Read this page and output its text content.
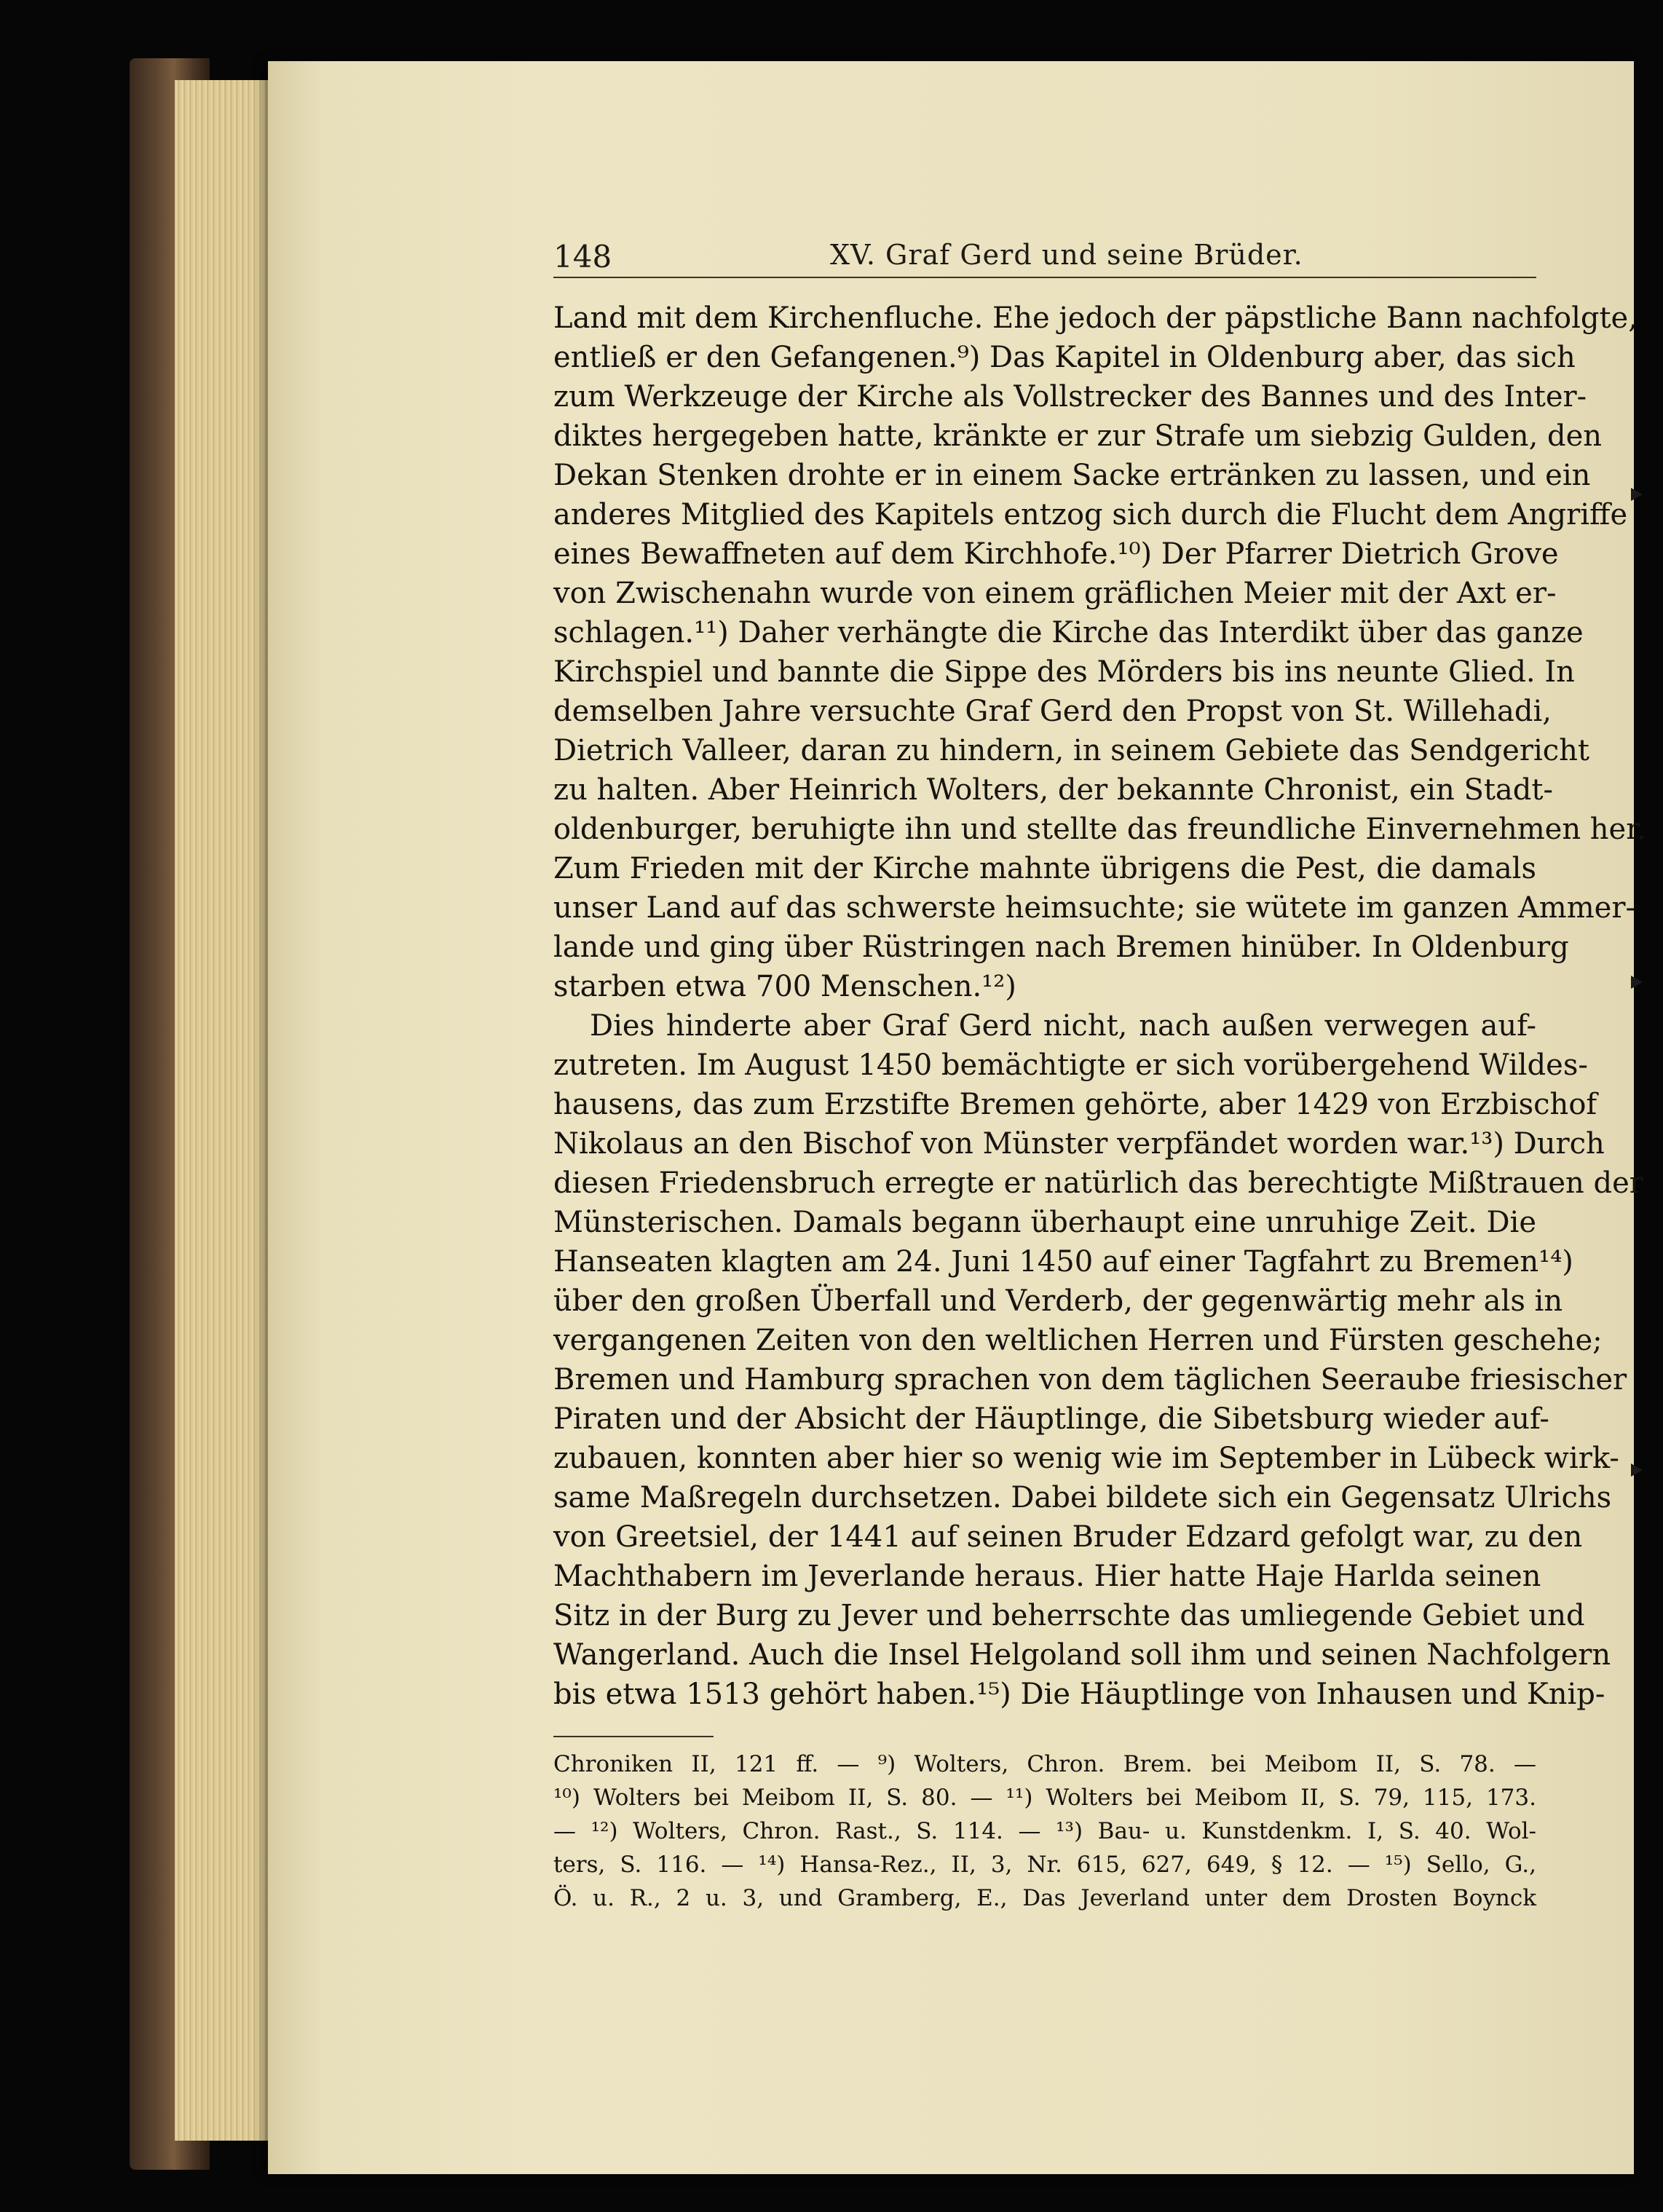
148	XV. Graf Gerd und seine Brüder.
Land mit dem Kirchenfluche. Ehe jedoch der päpstliche Bann nachfolgte,
entließ er den Gefangenen.⁹) Das Kapitel in Oldenburg aber, das sich
zum Werkzeuge der Kirche als Vollstrecker des Bannes und des Inter-
diktes hergegeben hatte, kränkte er zur Strafe um siebzig Gulden, den
Dekan Stenken drohte er in einem Sacke ertränken zu lassen, und ein
anderes Mitglied des Kapitels entzog sich durch die Flucht dem Angriffe
eines Bewaffneten auf dem Kirchhofe.¹⁰) Der Pfarrer Dietrich Grove
von Zwischenahn wurde von einem gräflichen Meier mit der Axt er-
schlagen.¹¹) Daher verhängte die Kirche das Interdikt über das ganze
Kirchspiel und bannte die Sippe des Mörders bis ins neunte Glied. In
demselben Jahre versuchte Graf Gerd den Propst von St. Willehadi,
Dietrich Valleer, daran zu hindern, in seinem Gebiete das Sendgericht
zu halten. Aber Heinrich Wolters, der bekannte Chronist, ein Stadt-
oldenburger, beruhigte ihn und stellte das freundliche Einvernehmen her.
Zum Frieden mit der Kirche mahnte übrigens die Pest, die damals
unser Land auf das schwerste heimsuchte; sie wütete im ganzen Ammer-
lande und ging über Rüstringen nach Bremen hinüber. In Oldenburg
starben etwa 700 Menschen.¹²)
Dies hinderte aber Graf Gerd nicht, nach außen verwegen auf-
zutreten. Im August 1450 bemächtigte er sich vorübergehend Wildes-
hausens, das zum Erzstifte Bremen gehörte, aber 1429 von Erzbischof
Nikolaus an den Bischof von Münster verpfändet worden war.¹³) Durch
diesen Friedensbruch erregte er natürlich das berechtigte Mißtrauen der
Münsterischen. Damals begann überhaupt eine unruhige Zeit. Die
Hanseaten klagten am 24. Juni 1450 auf einer Tagfahrt zu Bremen¹⁴)
über den großen Überfall und Verderb, der gegenwärtig mehr als in
vergangenen Zeiten von den weltlichen Herren und Fürsten geschehe;
Bremen und Hamburg sprachen von dem täglichen Seeraube friesischer
Piraten und der Absicht der Häuptlinge, die Sibetsburg wieder auf-
zubauen, konnten aber hier so wenig wie im September in Lübeck wirk-
same Maßregeln durchsetzen. Dabei bildete sich ein Gegensatz Ulrichs
von Greetsiel, der 1441 auf seinen Bruder Edzard gefolgt war, zu den
Machthabern im Jeverlande heraus. Hier hatte Haje Harlda seinen
Sitz in der Burg zu Jever und beherrschte das umliegende Gebiet und
Wangerland. Auch die Insel Helgoland soll ihm und seinen Nachfolgern
bis etwa 1513 gehört haben.¹⁵) Die Häuptlinge von Inhausen und Knip-
Chroniken II, 121 ff. — ⁹) Wolters, Chron. Brem. bei Meibom II, S. 78. —
¹⁰) Wolters bei Meibom II, S. 80. — ¹¹) Wolters bei Meibom II, S. 79, 115, 173.
— ¹²) Wolters, Chron. Rast., S. 114. — ¹³) Bau- u. Kunstdenkm. I, S. 40. Wol-
ters, S. 116. — ¹⁴) Hansa-Rez., II, 3, Nr. 615, 627, 649, § 12. — ¹⁵) Sello, G.,
Ö. u. R., 2 u. 3, und Gramberg, E., Das Jeverland unter dem Drosten Boynck
